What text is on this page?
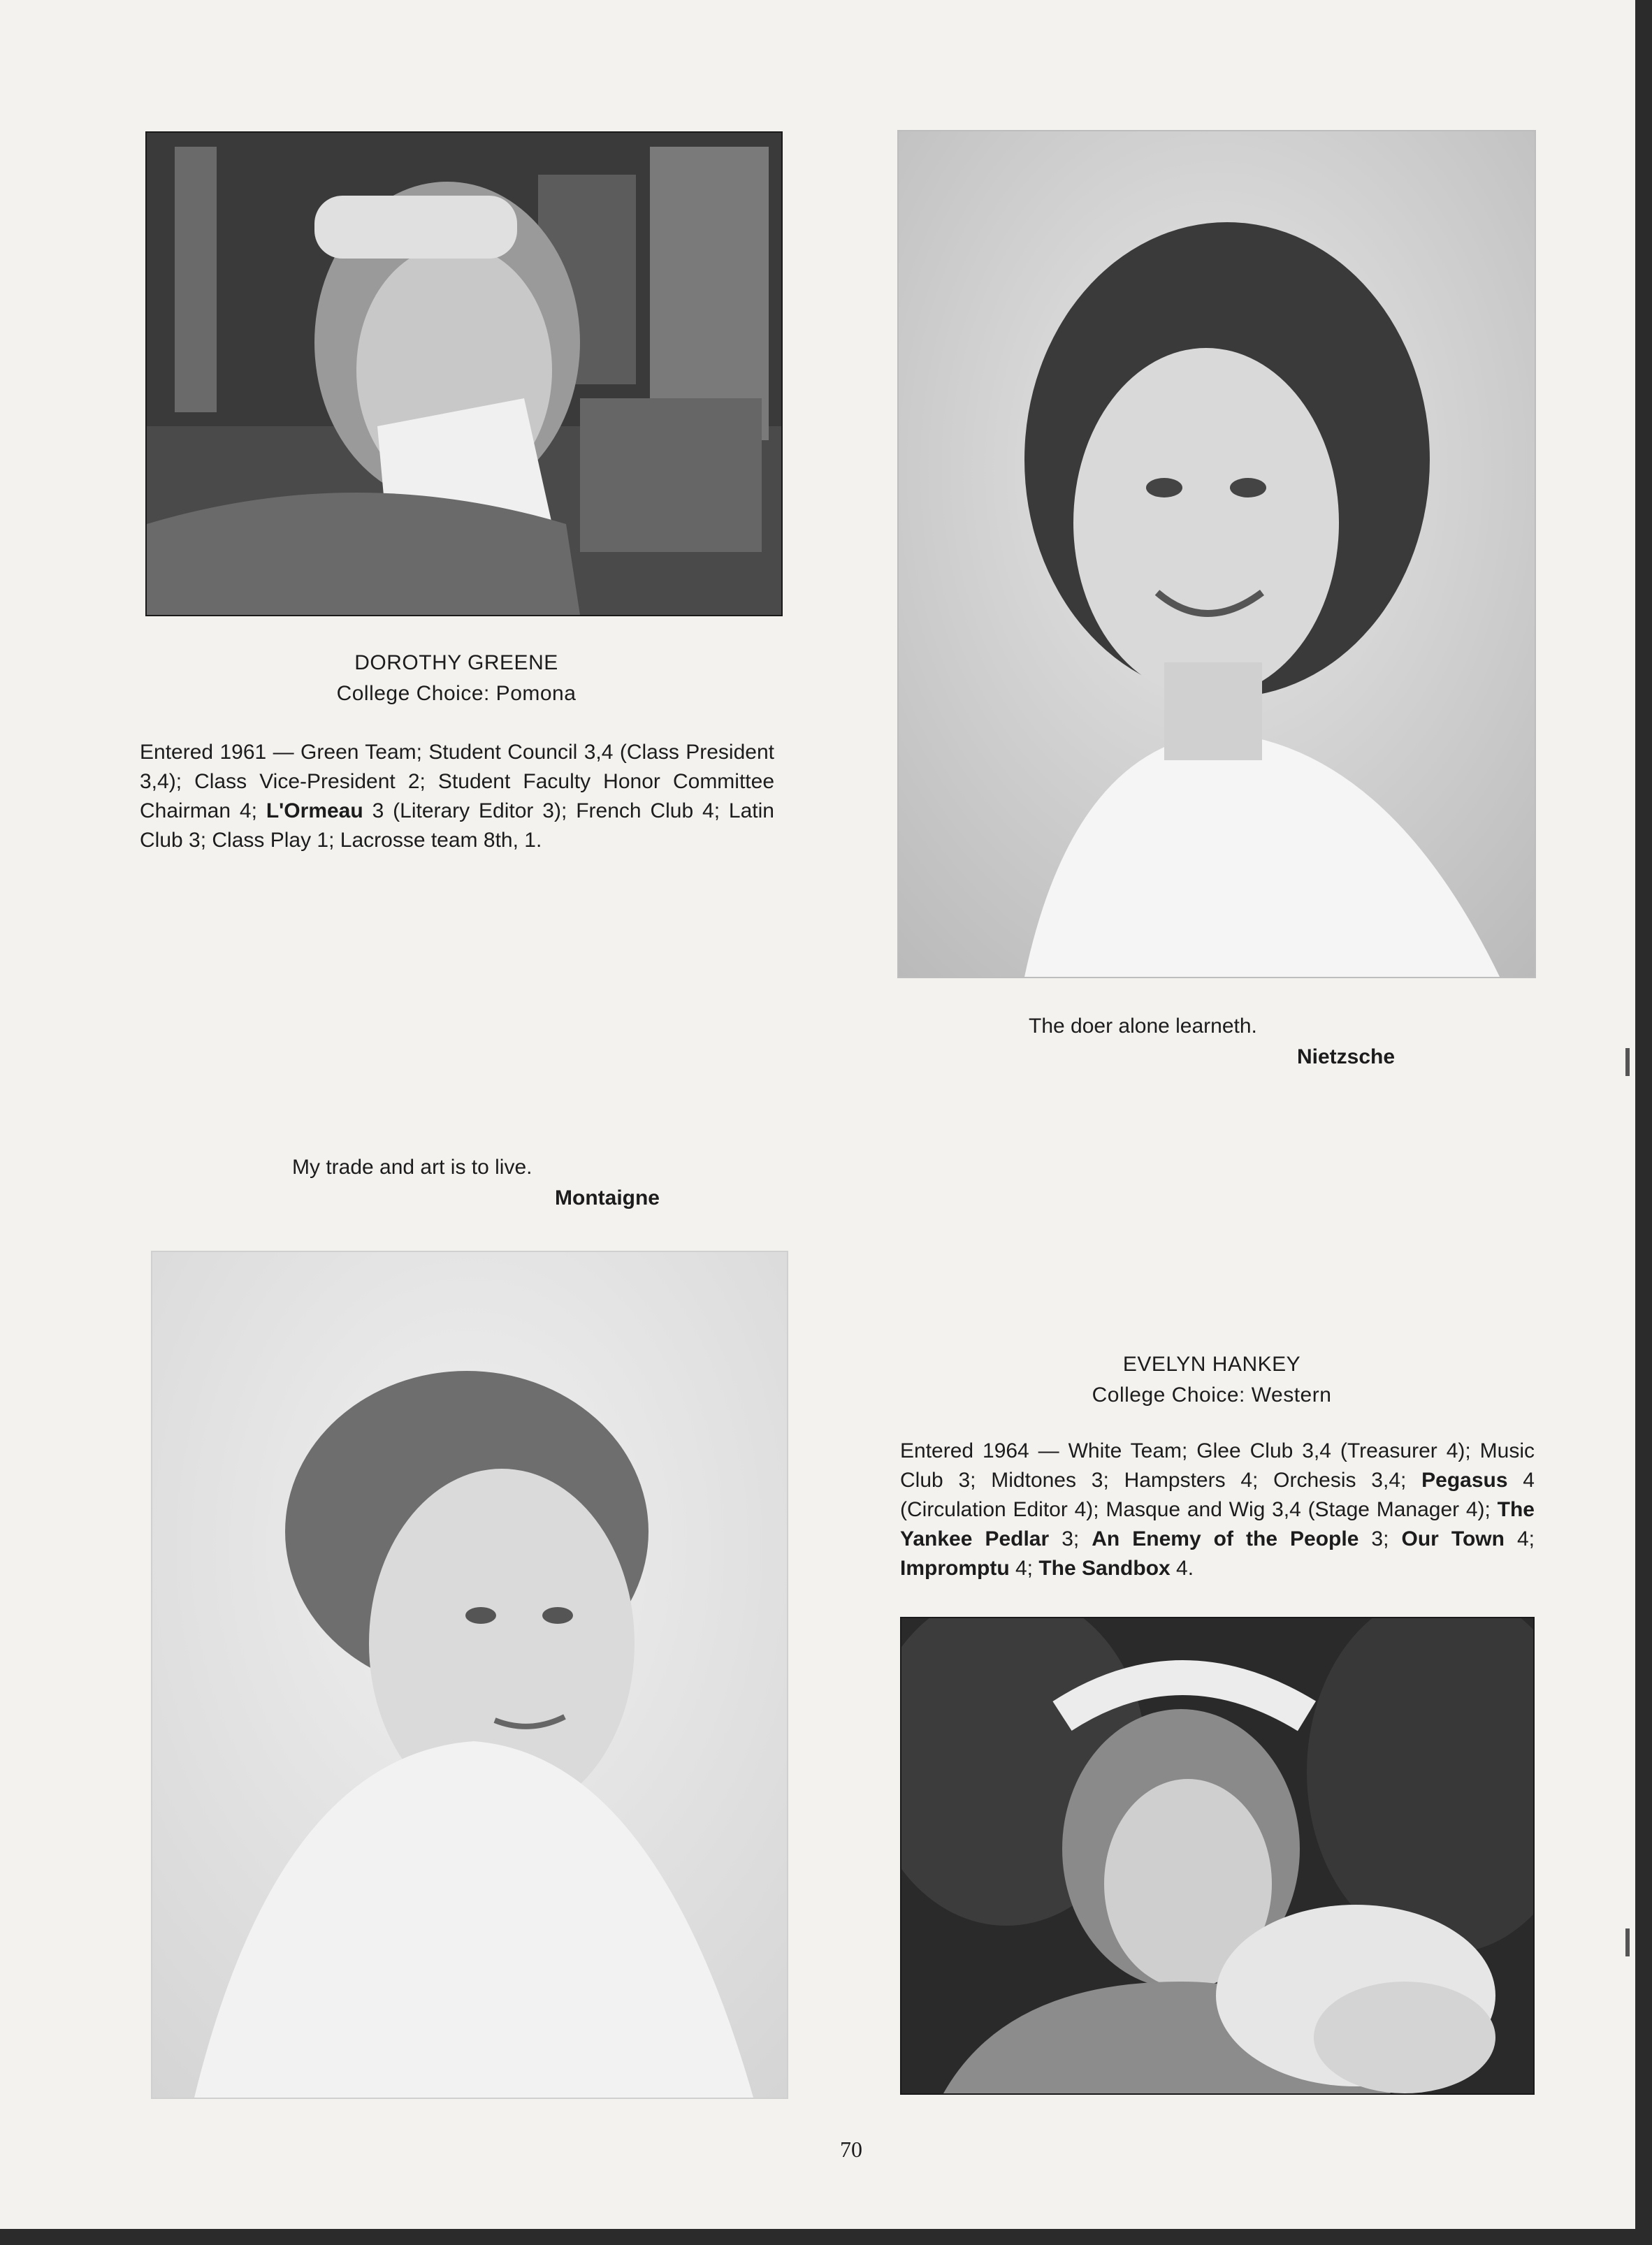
DOROTHY GREENE
College Choice: Pomona
Entered 1961 — Green Team; Student Council 3,4 (Class President 3,4); Class Vice-President 2; Student Faculty Honor Committee Chairman 4; L'Ormeau 3 (Literary Editor 3); French Club 4; Latin Club 3; Class Play 1; Lacrosse team 8th, 1.
The doer alone learneth.
Nietzsche
My trade and art is to live.
Montaigne
EVELYN HANKEY
College Choice: Western
Entered 1964 — White Team; Glee Club 3,4 (Treasurer 4); Music Club 3; Midtones 3; Hampsters 4; Orchesis 3,4; Pegasus 4 (Circulation Editor 4); Masque and Wig 3,4 (Stage Manager 4); The Yankee Pedlar 3; An Enemy of the People 3; Our Town 4; Impromptu 4; The Sandbox 4.
70
